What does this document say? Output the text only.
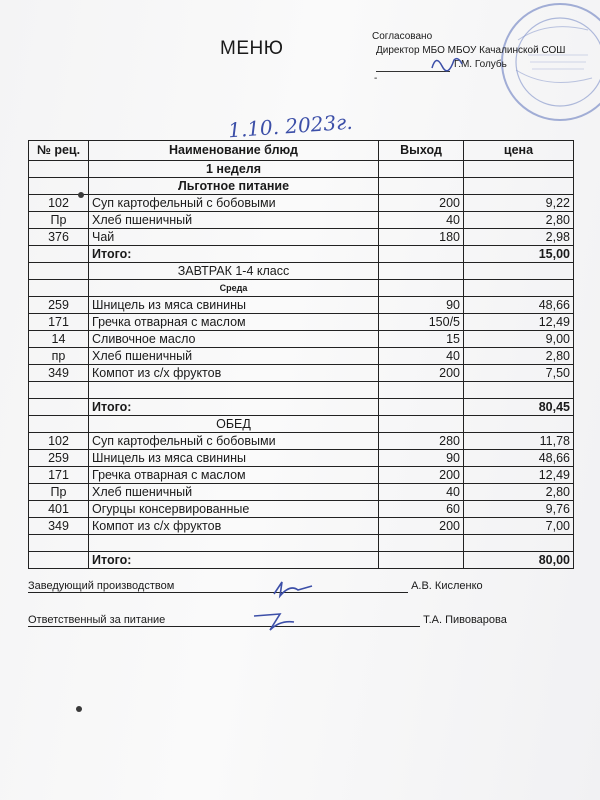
МЕНЮ
Согласовано
Директор МБО МБОУ Качалинской СОШ
Г.М. Голубь
-
1.10. 2023г.
№ рец.	Наименование блюд	Выход	цена
	1 неделя		
	Льготное питание		
102	Суп картофельный с бобовыми	200	9,22
Пр	Хлеб пшеничный	40	2,80
376	Чай	180	2,98
	Итого:		15,00
	ЗАВТРАК 1-4 класс		
	Среда		
259	Шницель из мяса свинины	90	48,66
171	Гречка отварная с маслом	150/5	12,49
14	Сливочное масло	15	9,00
пр	Хлеб пшеничный	40	2,80
349	Компот из с/х фруктов	200	7,50

	Итого:		80,45
	ОБЕД		
102	Суп картофельный с бобовыми	280	11,78
259	Шницель из мяса свинины	90	48,66
171	Гречка отварная с маслом	200	12,49
Пр	Хлеб пшеничный	40	2,80
401	Огурцы консервированные	60	9,76
349	Компот из с/х фруктов	200	7,00

	Итого:		80,00
Заведующий производством	А.В. Кисленко
Ответственный за питание	Т.А. Пивоварова
